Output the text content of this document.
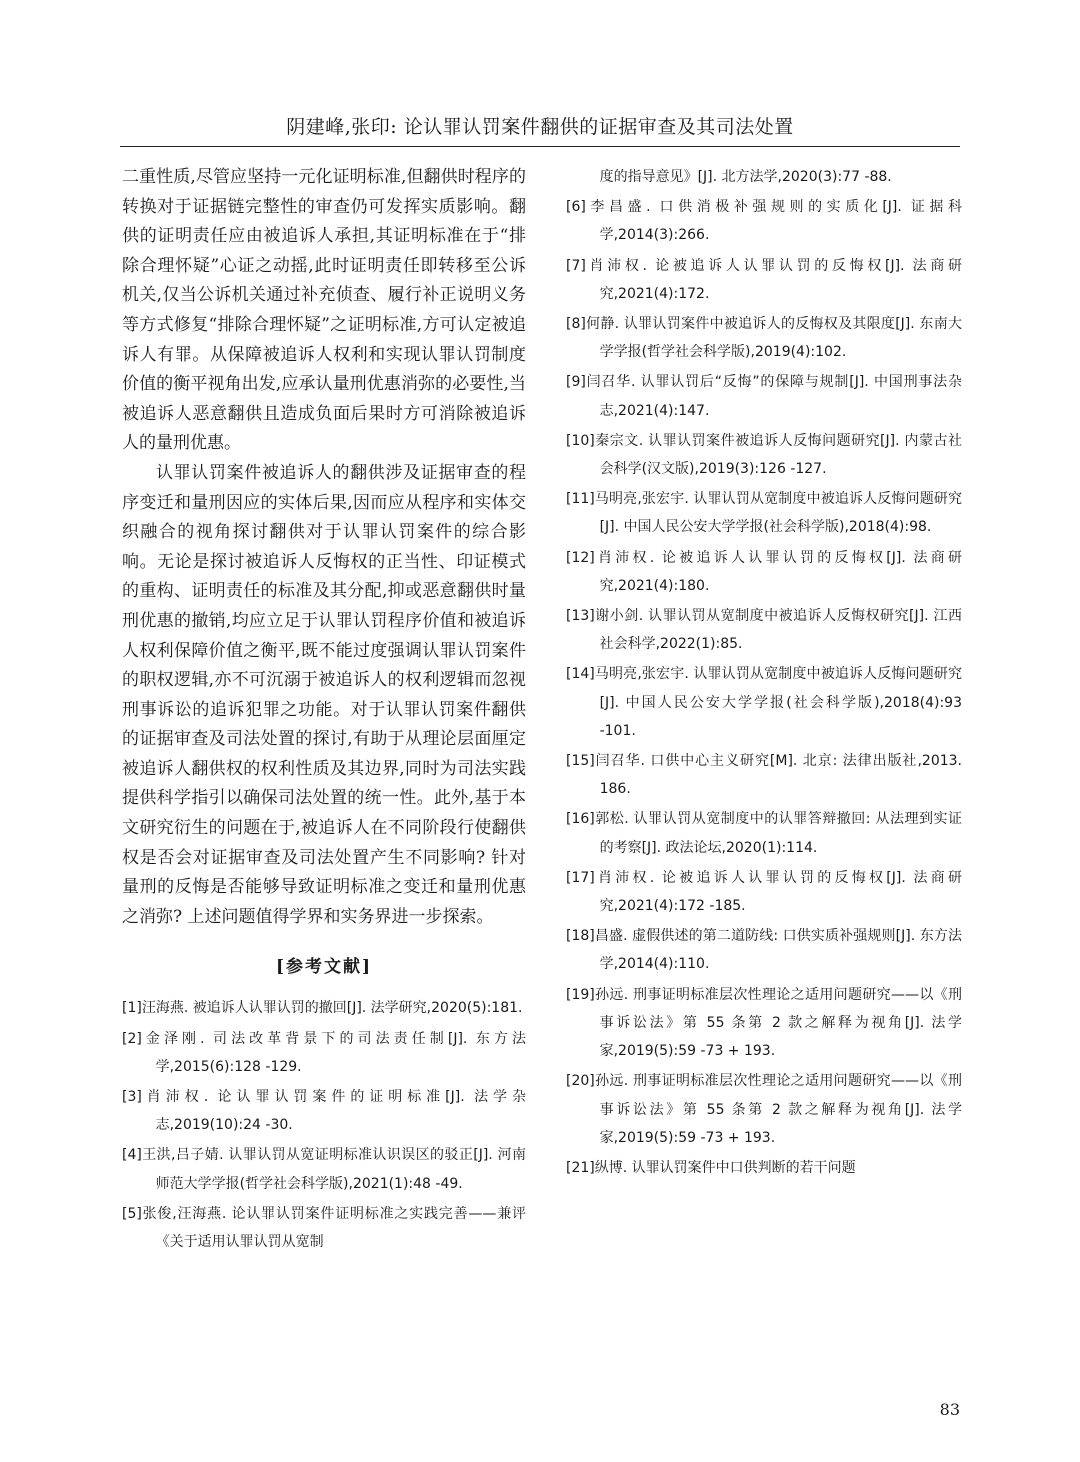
阴建峰,张印: 论认罪认罚案件翻供的证据审查及其司法处置

二重性质,尽管应坚持一元化证明标准,但翻供时程序的转换对于证据链完整性的审查仍可发挥实质影响。翻供的证明责任应由被追诉人承担,其证明标准在于“排除合理怀疑”心证之动摇,此时证明责任即转移至公诉机关,仅当公诉机关通过补充侦查、履行补正说明义务等方式修复“排除合理怀疑”之证明标准,方可认定被追诉人有罪。从保障被追诉人权利和实现认罪认罚制度价值的衡平视角出发,应承认量刑优惠消弥的必要性,当被追诉人恶意翻供且造成负面后果时方可消除被追诉人的量刑优惠。

认罪认罚案件被追诉人的翻供涉及证据审查的程序变迁和量刑因应的实体后果,因而应从程序和实体交织融合的视角探讨翻供对于认罪认罚案件的综合影响。无论是探讨被追诉人反悔权的正当性、印证模式的重构、证明责任的标准及其分配,抑或恶意翻供时量刑优惠的撤销,均应立足于认罪认罚程序价值和被追诉人权利保障价值之衡平,既不能过度强调认罪认罚案件的职权逻辑,亦不可沉溺于被追诉人的权利逻辑而忽视刑事诉讼的追诉犯罪之功能。对于认罪认罚案件翻供的证据审查及司法处置的探讨,有助于从理论层面厘定被追诉人翻供权的权利性质及其边界,同时为司法实践提供科学指引以确保司法处置的统一性。此外,基于本文研究衍生的问题在于,被追诉人在不同阶段行使翻供权是否会对证据审查及司法处置产生不同影响? 针对量刑的反悔是否能够导致证明标准之变迁和量刑优惠之消弥? 上述问题值得学界和实务界进一步探索。

[参考文献]
[1]汪海燕. 被追诉人认罪认罚的撤回[J]. 法学研究,2020(5):181.
[2]金泽刚. 司法改革背景下的司法责任制[J]. 东方法学,2015(6):128 -129.
[3]肖沛权. 论认罪认罚案件的证明标准[J]. 法学杂志,2019(10):24 -30.
[4]王洪,吕子婧. 认罪认罚从宽证明标准认识误区的驳正[J]. 河南师范大学学报(哲学社会科学版),2021(1):48 -49.
[5]张俊,汪海燕. 论认罪认罚案件证明标准之实践完善——兼评《关于适用认罪认罚从宽制
度的指导意见》[J]. 北方法学,2020(3):77 -88.
[6]李昌盛. 口供消极补强规则的实质化[J]. 证据科学,2014(3):266.
[7]肖沛权. 论被追诉人认罪认罚的反悔权[J]. 法商研究,2021(4):172.
[8]何静. 认罪认罚案件中被追诉人的反悔权及其限度[J]. 东南大学学报(哲学社会科学版),2019(4):102.
[9]闫召华. 认罪认罚后“反悔”的保障与规制[J]. 中国刑事法杂志,2021(4):147.
[10]秦宗文. 认罪认罚案件被追诉人反悔问题研究[J]. 内蒙古社会科学(汉文版),2019(3):126 -127.
[11]马明亮,张宏宇. 认罪认罚从宽制度中被追诉人反悔问题研究[J]. 中国人民公安大学学报(社会科学版),2018(4):98.
[12]肖沛权. 论被追诉人认罪认罚的反悔权[J]. 法商研究,2021(4):180.
[13]谢小剑. 认罪认罚从宽制度中被追诉人反悔权研究[J]. 江西社会科学,2022(1):85.
[14]马明亮,张宏宇. 认罪认罚从宽制度中被追诉人反悔问题研究[J]. 中国人民公安大学学报(社会科学版),2018(4):93 -101.
[15]闫召华. 口供中心主义研究[M]. 北京: 法律出版社,2013. 186.
[16]郭松. 认罪认罚从宽制度中的认罪答辩撤回: 从法理到实证的考察[J]. 政法论坛,2020(1):114.
[17]肖沛权. 论被追诉人认罪认罚的反悔权[J]. 法商研究,2021(4):172 -185.
[18]昌盛. 虚假供述的第二道防线: 口供实质补强规则[J]. 东方法学,2014(4):110.
[19]孙远. 刑事证明标准层次性理论之适用问题研究——以《刑事诉讼法》第 55 条第 2 款之解释为视角[J]. 法学家,2019(5):59 -73 + 193.
[20]孙远. 刑事证明标准层次性理论之适用问题研究——以《刑事诉讼法》第 55 条第 2 款之解释为视角[J]. 法学家,2019(5):59 -73 + 193.
[21]纵博. 认罪认罚案件中口供判断的若干问题
83
